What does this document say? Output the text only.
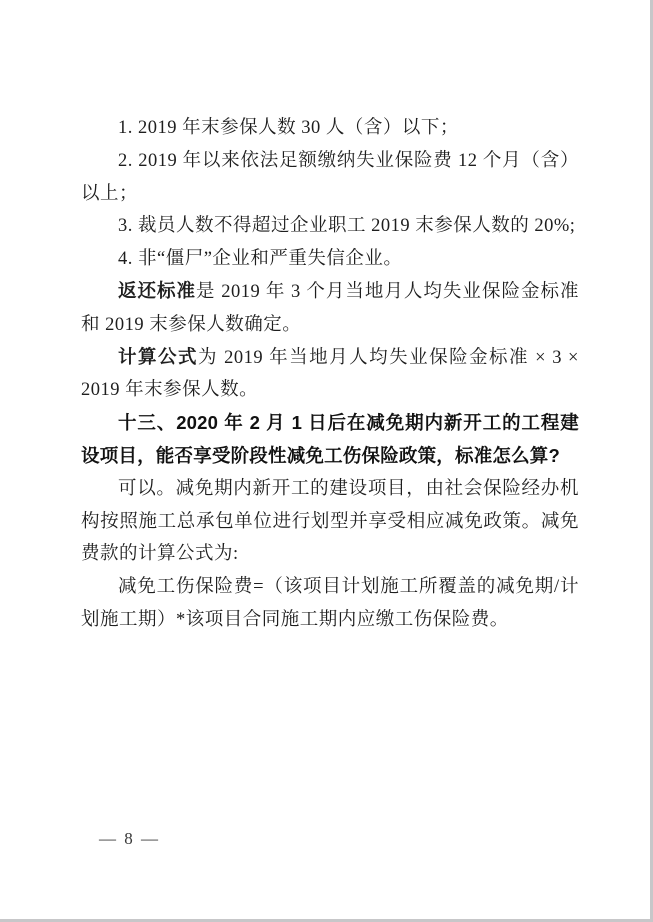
1. 2019 年末参保人数 30 人（含）以下；

2. 2019 年以来依法足额缴纳失业保险费 12 个月（含）以上；

3. 裁员人数不得超过企业职工 2019 末参保人数的 20%;

4. 非“僵尸”企业和严重失信企业。

返还标准是 2019 年 3 个月当地月人均失业保险金标准和 2019 末参保人数确定。

计算公式为 2019 年当地月人均失业保险金标准 × 3 × 2019 年末参保人数。

十三、2020 年 2 月 1 日后在减免期内新开工的工程建设项目，能否享受阶段性减免工伤保险政策，标准怎么算?

可以。减免期内新开工的建设项目，由社会保险经办机构按照施工总承包单位进行划型并享受相应减免政策。减免费款的计算公式为:

减免工伤保险费=（该项目计划施工所覆盖的减免期/计划施工期）*该项目合同施工期内应缴工伤保险费。

— 8 —
